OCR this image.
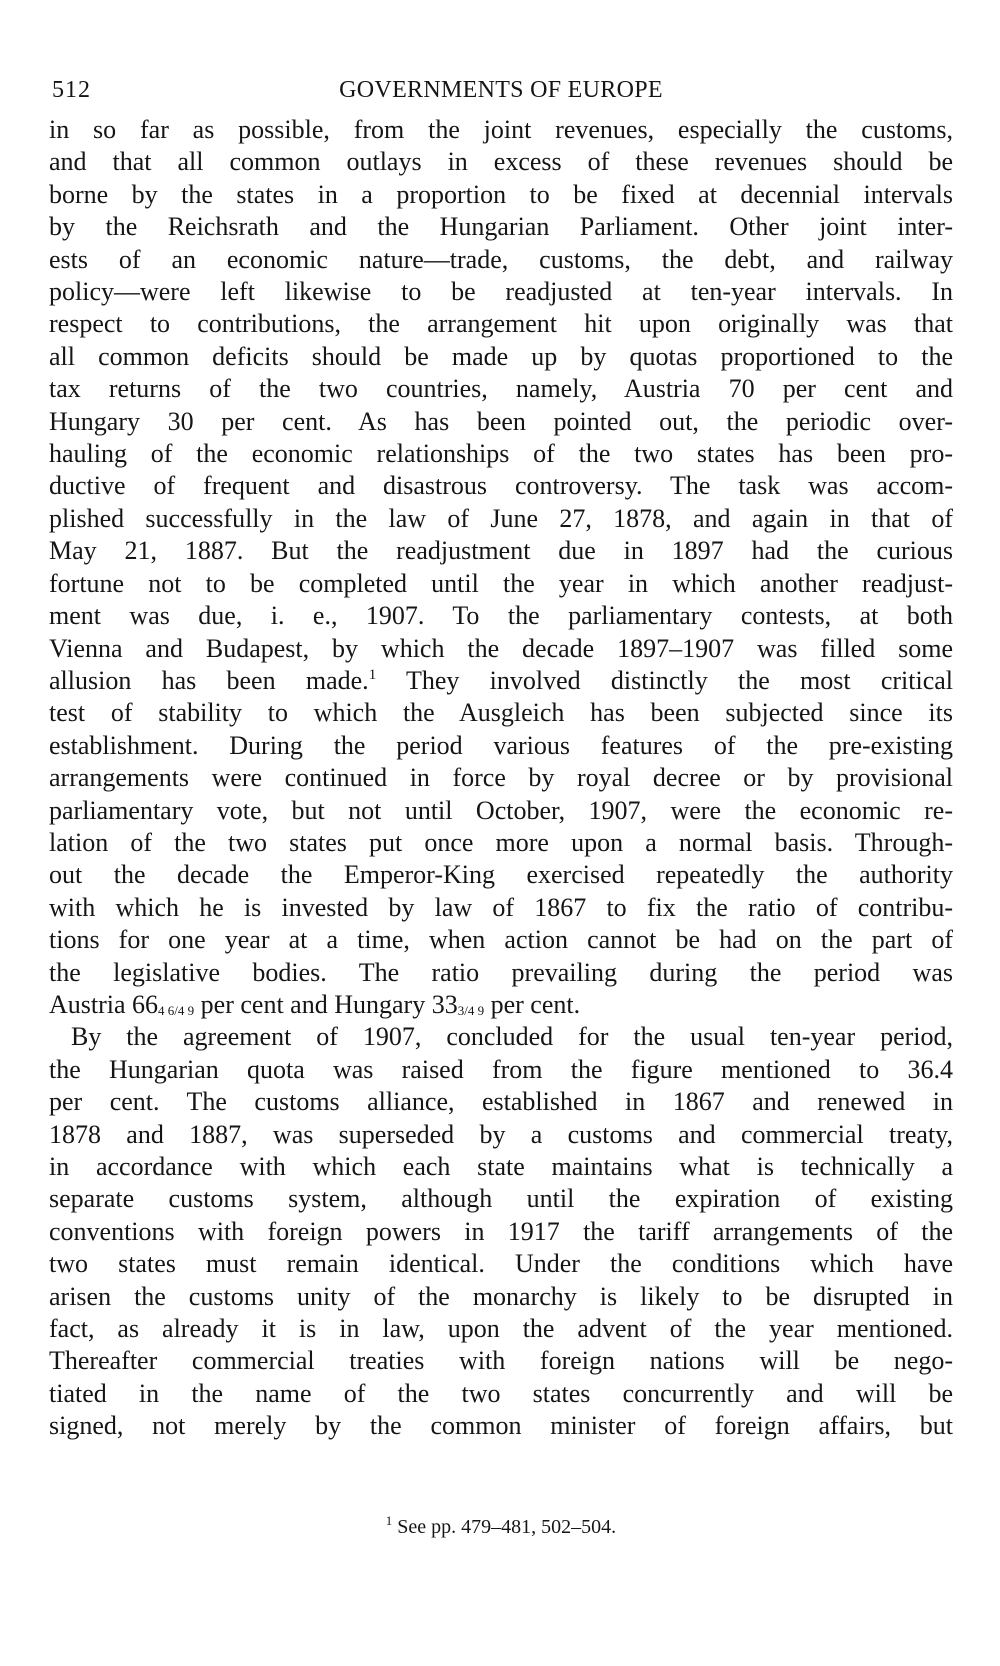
512	GOVERNMENTS OF EUROPE
in so far as possible, from the joint revenues, especially the customs,
and that all common outlays in excess of these revenues should be
borne by the states in a proportion to be fixed at decennial intervals
by the Reichsrath and the Hungarian Parliament. Other joint inter-
ests of an economic nature—trade, customs, the debt, and railway
policy—were left likewise to be readjusted at ten-year intervals. In
respect to contributions, the arrangement hit upon originally was that
all common deficits should be made up by quotas proportioned to the
tax returns of the two countries, namely, Austria 70 per cent and
Hungary 30 per cent. As has been pointed out, the periodic over-
hauling of the economic relationships of the two states has been pro-
ductive of frequent and disastrous controversy. The task was accom-
plished successfully in the law of June 27, 1878, and again in that of
May 21, 1887. But the readjustment due in 1897 had the curious
fortune not to be completed until the year in which another readjust-
ment was due, i. e., 1907. To the parliamentary contests, at both
Vienna and Budapest, by which the decade 1897–1907 was filled some
allusion has been made.$^1$ They involved distinctly the most critical
test of stability to which the Ausgleich has been subjected since its
establishment. During the period various features of the pre-existing
arrangements were continued in force by royal decree or by provisional
parliamentary vote, but not until October, 1907, were the economic re-
lation of the two states put once more upon a normal basis. Through-
out the decade the Emperor-King exercised repeatedly the authority
with which he is invested by law of 1867 to fix the ratio of contribu-
tions for one year at a time, when action cannot be had on the part of
the legislative bodies. The ratio prevailing during the period was
Austria 664 6/4 9 per cent and Hungary 333/4 9 per cent.
By the agreement of 1907, concluded for the usual ten-year period,
the Hungarian quota was raised from the figure mentioned to 36.4
per cent. The customs alliance, established in 1867 and renewed in
1878 and 1887, was superseded by a customs and commercial treaty,
in accordance with which each state maintains what is technically a
separate customs system, although until the expiration of existing
conventions with foreign powers in 1917 the tariff arrangements of the
two states must remain identical. Under the conditions which have
arisen the customs unity of the monarchy is likely to be disrupted in
fact, as already it is in law, upon the advent of the year mentioned.
Thereafter commercial treaties with foreign nations will be nego-
tiated in the name of the two states concurrently and will be
signed, not merely by the common minister of foreign affairs, but
$^1$ See pp. 479–481, 502–504.
